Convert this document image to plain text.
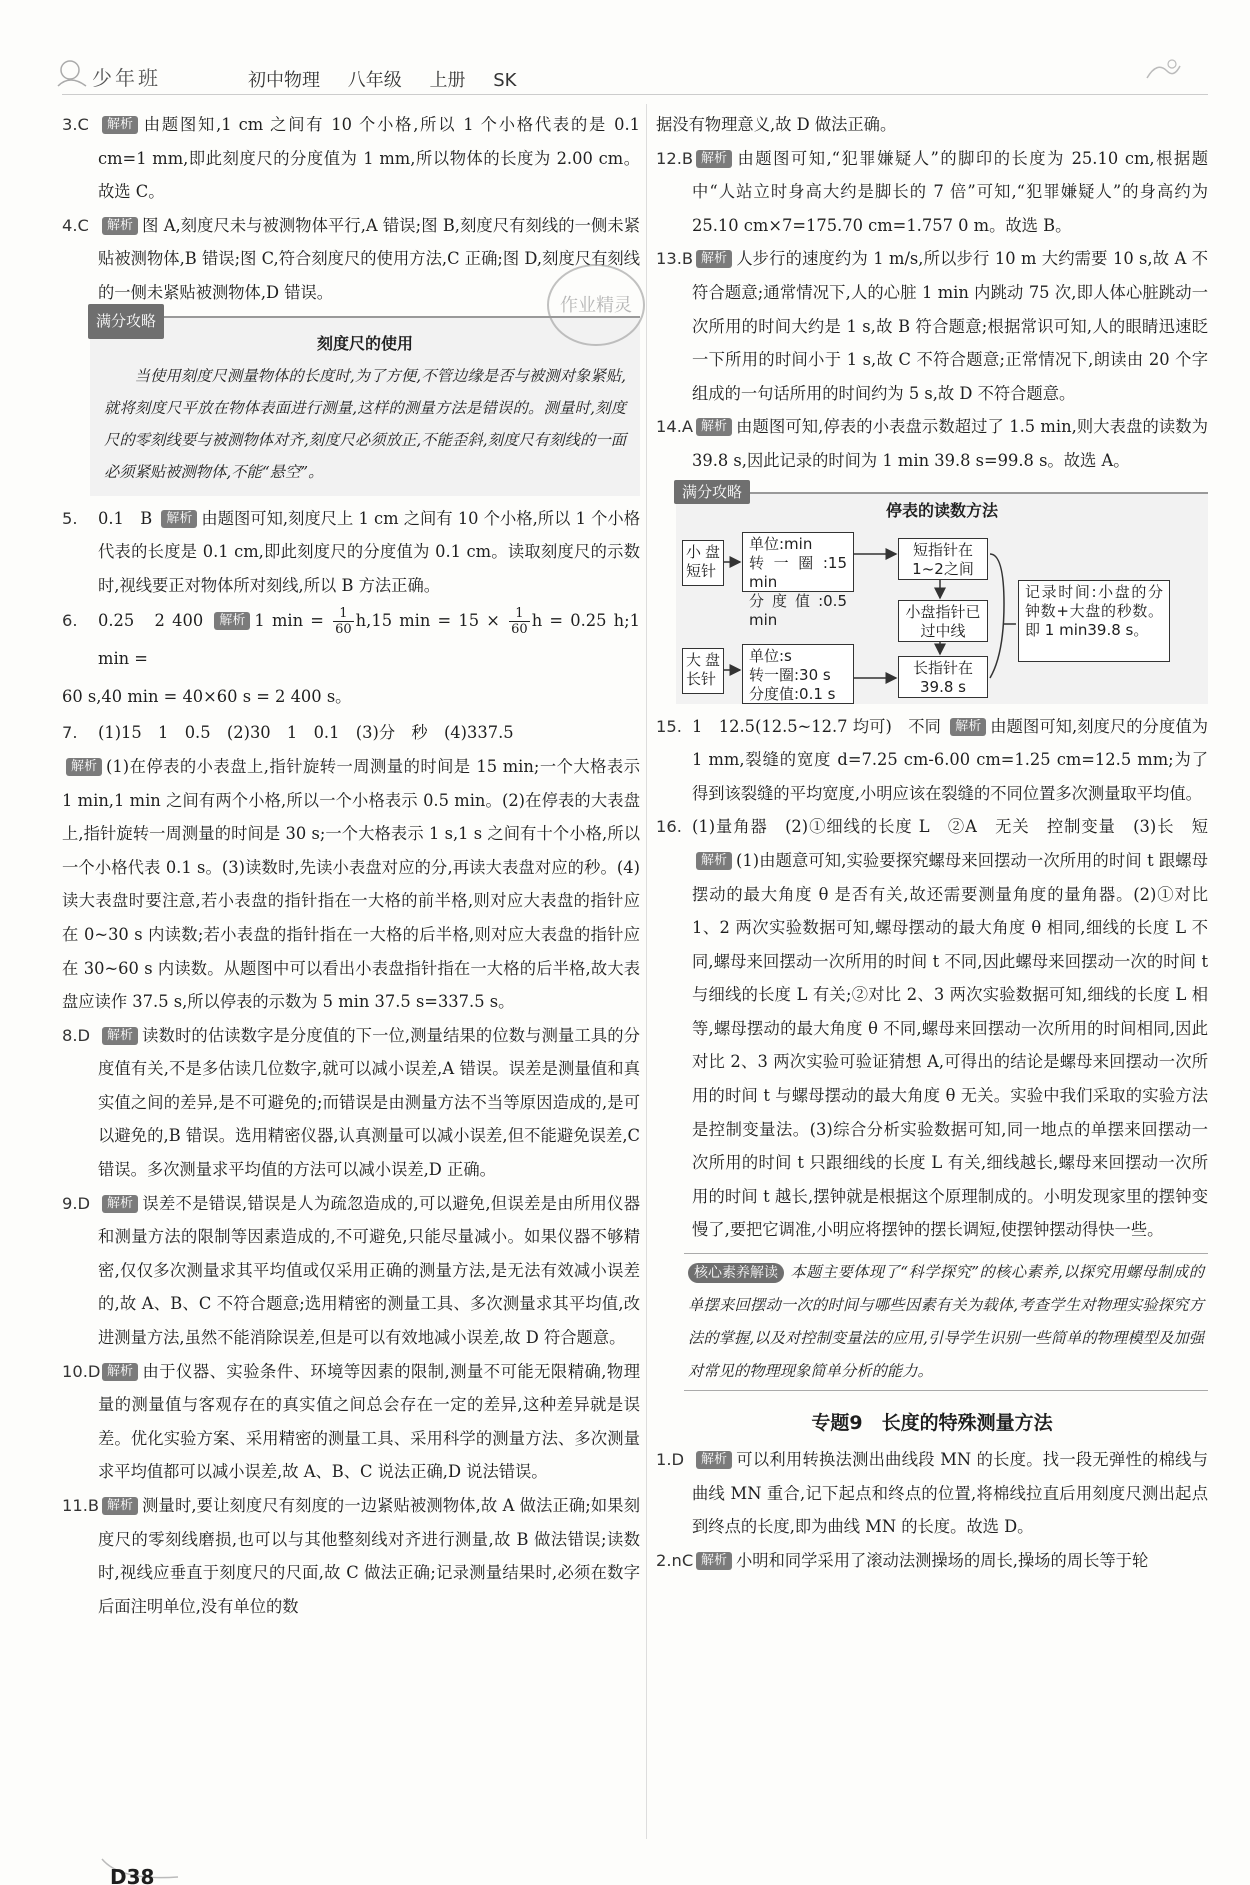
少年班	初中物理 八年级 上册 SK
3.C 解析 由题图知,1 cm 之间有 10 个小格,所以 1 个小格代表的是 0.1 cm=1 mm,即此刻度尺的分度值为 1 mm,所以物体的长度为 2.00 cm。故选 C。
4.C 解析 图 A,刻度尺未与被测物体平行,A 错误;图 B,刻度尺有刻线的一侧未紧贴被测物体,B 错误;图 C,符合刻度尺的使用方法,C 正确;图 D,刻度尺有刻线的一侧未紧贴被测物体,D 错误。
满分攻略
刻度尺的使用
当使用刻度尺测量物体的长度时,为了方便,不管边缘是否与被测对象紧贴,就将刻度尺平放在物体表面进行测量,这样的测量方法是错误的。测量时,刻度尺的零刻线要与被测物体对齐,刻度尺必须放正,不能歪斜,刻度尺有刻线的一面必须紧贴被测物体,不能“悬空”。
5. 0.1　B 解析 由题图可知,刻度尺上 1 cm 之间有 10 个小格,所以 1 个小格代表的长度是 0.1 cm,即此刻度尺的分度值为 0.1 cm。读取刻度尺的示数时,视线要正对物体所对刻线,所以 B 方法正确。
6. 0.25　2 400 解析 1 $\min = \frac{1}{60} h,15$ $\min = 15 \times \frac{1}{60}$ h = 0.25 h;1 min =
60 s,40 min = 40×60 s = 2 400 s。
7. (1)15　1　0.5　(2)30　1　0.1　(3)分　秒　(4)337.5
解析 (1)在停表的小表盘上,指针旋转一周测量的时间是 15 min;一个大格表示 1 min,1 min 之间有两个小格,所以一个小格表示 0.5 min。(2)在停表的大表盘上,指针旋转一周测量的时间是 30 s;一个大格表示 1 s,1 s 之间有十个小格,所以一个小格代表 0.1 s。(3)读数时,先读小表盘对应的分,再读大表盘对应的秒。(4)读大表盘时要注意,若小表盘的指针指在一大格的前半格,则对应大表盘的指针应在 0~30 s 内读数;若小表盘的指针指在一大格的后半格,则对应大表盘的指针应在 30~60 s 内读数。从题图中可以看出小表盘指针指在一大格的后半格,故大表盘应读作 37.5 s,所以停表的示数为 5 min 37.5 s=337.5 s。
8.D 解析 读数时的估读数字是分度值的下一位,测量结果的位数与测量工具的分度值有关,不是多估读几位数字,就可以减小误差,A 错误。误差是测量值和真实值之间的差异,是不可避免的;而错误是由测量方法不当等原因造成的,是可以避免的,B 错误。选用精密仪器,认真测量可以减小误差,但不能避免误差,C 错误。多次测量求平均值的方法可以减小误差,D 正确。
9.D 解析 误差不是错误,错误是人为疏忽造成的,可以避免,但误差是由所用仪器和测量方法的限制等因素造成的,不可避免,只能尽量减小。如果仪器不够精密,仅仅多次测量求其平均值或仅采用正确的测量方法,是无法有效减小误差的,故 A、B、C 不符合题意;选用精密的测量工具、多次测量求其平均值,改进测量方法,虽然不能消除误差,但是可以有效地减小误差,故 D 符合题意。
10.D 解析 由于仪器、实验条件、环境等因素的限制,测量不可能无限精确,物理量的测量值与客观存在的真实值之间总会存在一定的差异,这种差异就是误差。优化实验方案、采用精密的测量工具、采用科学的测量方法、多次测量求平均值都可以减小误差,故 A、B、C 说法正确,D 说法错误。
11.B 解析 测量时,要让刻度尺有刻度的一边紧贴被测物体,故 A 做法正确;如果刻度尺的零刻线磨损,也可以与其他整刻线对齐进行测量,故 B 做法错误;读数时,视线应垂直于刻度尺的尺面,故 C 做法正确;记录测量结果时,必须在数字后面注明单位,没有单位的数
作业精灵
据没有物理意义,故 D 做法正确。
12.B 解析 由题图可知,“犯罪嫌疑人”的脚印的长度为 25.10 cm,根据题中“人站立时身高大约是脚长的 7 倍”可知,“犯罪嫌疑人”的身高约为 25.10 cm×7=175.70 cm=1.757 0 m。故选 B。
13.B 解析 人步行的速度约为 1 m/s,所以步行 10 m 大约需要 10 s,故 A 不符合题意;通常情况下,人的心脏 1 min 内跳动 75 次,即人体心脏跳动一次所用的时间大约是 1 s,故 B 符合题意;根据常识可知,人的眼睛迅速眨一下所用的时间小于 1 s,故 C 不符合题意;正常情况下,朗读由 20 个字组成的一句话所用的时间约为 5 s,故 D 不符合题意。
14.A 解析 由题图可知,停表的小表盘示数超过了 1.5 min,则大表盘的读数为 39.8 s,因此记录的时间为 1 min 39.8 s=99.8 s。故选 A。
满分攻略
停表的读数方法
小盘短针
单位:min
转一圈:15 min
分度值:0.5 min
短指针在1~2之间
小盘指针已过中线
大盘长针
单位:s
转一圈:30 s
分度值:0.1 s
长指针在39.8 s
记录时间:小盘的分钟数+大盘的秒数。即 1 min39.8 s。
15. 1　12.5(12.5~12.7 均可)　不同 解析 由题图可知,刻度尺的分度值为 1 mm,裂缝的宽度 d=7.25 cm-6.00 cm=1.25 cm=12.5 mm;为了得到该裂缝的平均宽度,小明应该在裂缝的不同位置多次测量取平均值。
16. (1)量角器　(2)①细线的长度 L　②A　无关　控制变量　(3)长　短 解析 (1)由题意可知,实验要探究螺母来回摆动一次所用的时间 t 跟螺母摆动的最大角度 θ 是否有关,故还需要测量角度的量角器。(2)①对比 1、2 两次实验数据可知,螺母摆动的最大角度 θ 相同,细线的长度 L 不同,螺母来回摆动一次所用的时间 t 不同,因此螺母来回摆动一次的时间 t 与细线的长度 L 有关;②对比 2、3 两次实验数据可知,细线的长度 L 相等,螺母摆动的最大角度 θ 不同,螺母来回摆动一次所用的时间相同,因此对比 2、3 两次实验可验证猜想 A,可得出的结论是螺母来回摆动一次所用的时间 t 与螺母摆动的最大角度 θ 无关。实验中我们采取的实验方法是控制变量法。(3)综合分析实验数据可知,同一地点的单摆来回摆动一次所用的时间 t 只跟细线的长度 L 有关,细线越长,螺母来回摆动一次所用的时间 t 越长,摆钟就是根据这个原理制成的。小明发现家里的摆钟变慢了,要把它调准,小明应将摆钟的摆长调短,使摆钟摆动得快一些。
核心素养解读 本题主要体现了“科学探究”的核心素养,以探究用螺母制成的单摆来回摆动一次的时间与哪些因素有关为载体,考查学生对物理实验探究方法的掌握,以及对控制变量法的应用,引导学生识别一些简单的物理模型及加强对常见的物理现象简单分析的能力。
专题9　长度的特殊测量方法
1.D 解析 可以利用转换法测出曲线段 MN 的长度。找一段无弹性的棉线与曲线 MN 重合,记下起点和终点的位置,将棉线拉直后用刻度尺测出起点到终点的长度,即为曲线 MN 的长度。故选 D。
2.nC 解析 小明和同学采用了滚动法测操场的周长,操场的周长等于轮
D38
